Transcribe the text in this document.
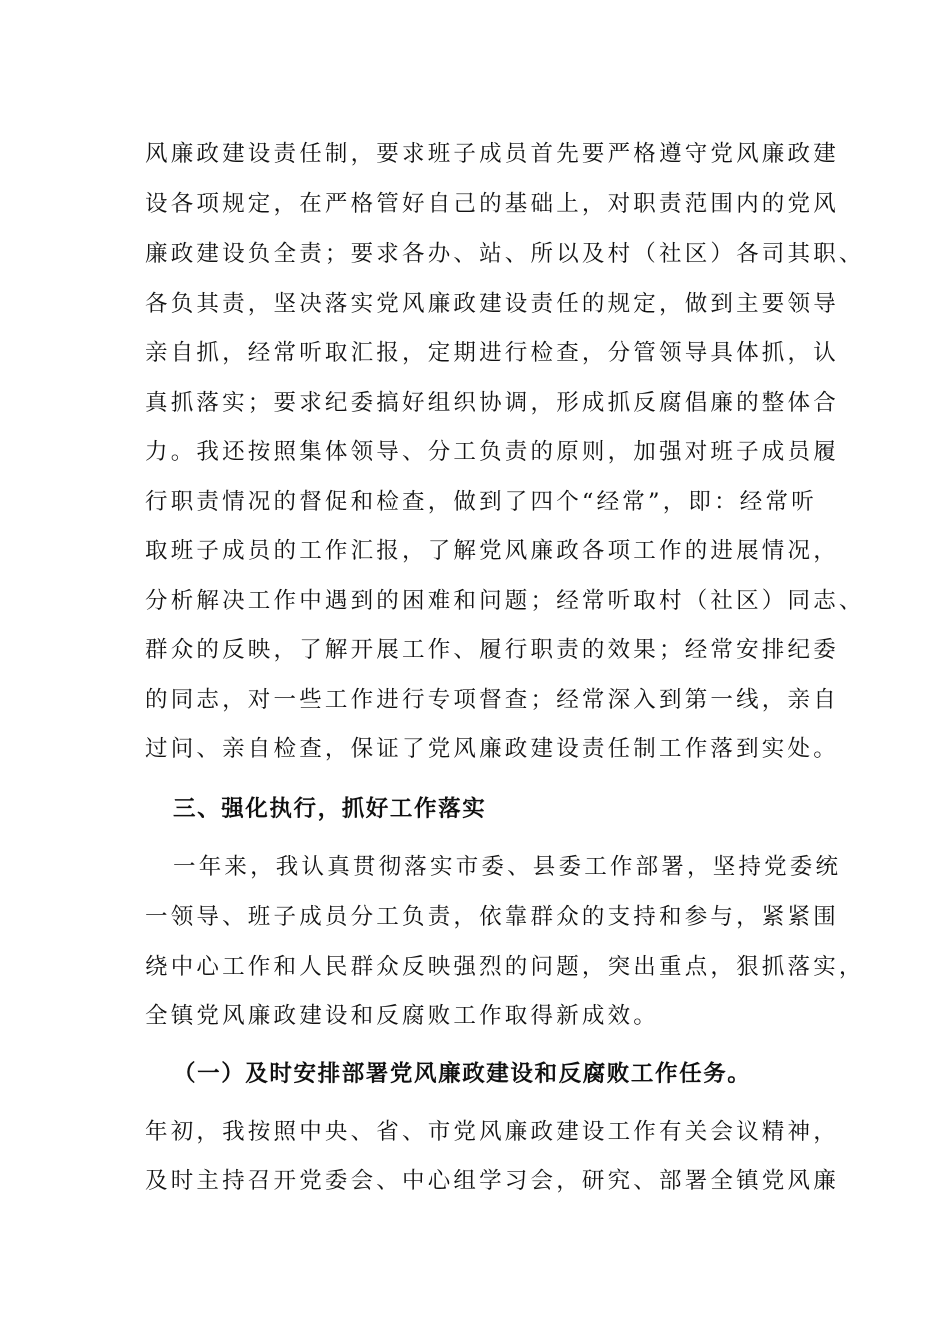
风廉政建设责任制，要求班子成员首先要严格遵守党风廉政建
设各项规定，在严格管好自己的基础上，对职责范围内的党风
廉政建设负全责；要求各办、站、所以及村（社区）各司其职、
各负其责，坚决落实党风廉政建设责任的规定，做到主要领导
亲自抓，经常听取汇报，定期进行检查，分管领导具体抓，认
真抓落实；要求纪委搞好组织协调，形成抓反腐倡廉的整体合
力。我还按照集体领导、分工负责的原则，加强对班子成员履
行职责情况的督促和检查，做到了四个“经常”，即：经常听
取班子成员的工作汇报，了解党风廉政各项工作的进展情况，
分析解决工作中遇到的困难和问题；经常听取村（社区）同志、
群众的反映，了解开展工作、履行职责的效果；经常安排纪委
的同志，对一些工作进行专项督查；经常深入到第一线，亲自
过问、亲自检查，保证了党风廉政建设责任制工作落到实处。
三、强化执行，抓好工作落实
一年来，我认真贯彻落实市委、县委工作部署，坚持党委统
一领导、班子成员分工负责，依靠群众的支持和参与，紧紧围
绕中心工作和人民群众反映强烈的问题，突出重点，狠抓落实，
全镇党风廉政建设和反腐败工作取得新成效。
（一）及时安排部署党风廉政建设和反腐败工作任务。
年初，我按照中央、省、市党风廉政建设工作有关会议精神，
及时主持召开党委会、中心组学习会，研究、部署全镇党风廉
